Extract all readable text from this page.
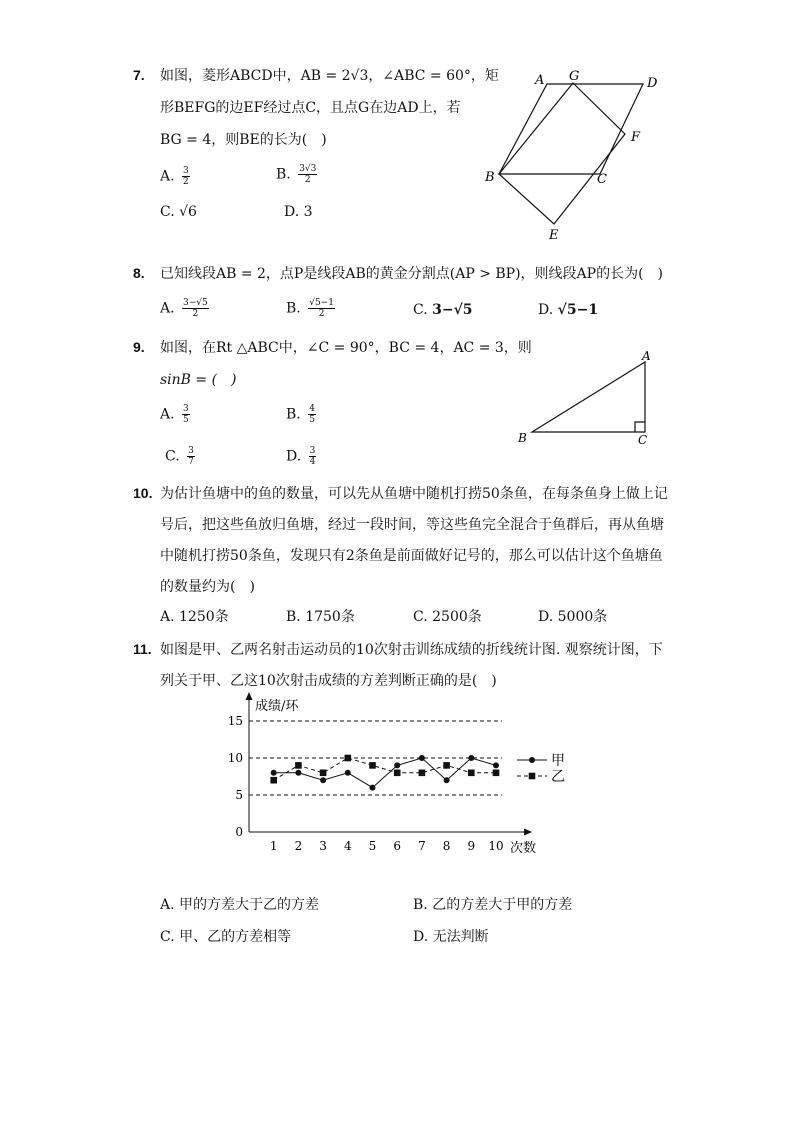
7. 如图，菱形ABCD中，AB = 2√3，∠ABC = 60°，矩
形BEFG的边EF经过点C，且点G在边AD上，若
BG = 4，则BE的长为(　)
A. $\frac{3}{2}$	B. $\frac{3√3}{2}$
C. √6	D. 3
A G	D
F
B	C
E
8. 已知线段AB = 2，点P是线段AB的黄金分割点(AP > BP)，则线段AP的长为(　)
A. $\frac{3-√5}{2}$	B. $\frac{√5-1}{2}$	C. 3−√5	D. √5−1
9. 如图，在Rt △ABC中，∠C = 90°，BC = 4，AC = 3，则
sinB = (　)
A. $\frac{3}{5}$	B. $\frac{4}{5}$
C. $\frac{3}{7}$	D. $\frac{3}{4}$
A
B	C
10. 为估计鱼塘中的鱼的数量，可以先从鱼塘中随机打捞50条鱼，在每条鱼身上做上记
号后，把这些鱼放归鱼塘，经过一段时间，等这些鱼完全混合于鱼群后，再从鱼塘
中随机打捞50条鱼，发现只有2条鱼是前面做好记号的，那么可以估计这个鱼塘鱼
的数量约为(　)
A. 1250条	B. 1750条	C. 2500条	D. 5000条
11. 如图是甲、乙两名射击运动员的10次射击训练成绩的折线统计图. 观察统计图，下
列关于甲、乙这10次射击成绩的方差判断正确的是(　)
甲
乙
0
5
10
15
1 2 3 4 5 6 7 8 9 10
成绩/环
次数
A. 甲的方差大于乙的方差	B. 乙的方差大于甲的方差
C. 甲、乙的方差相等	D. 无法判断
